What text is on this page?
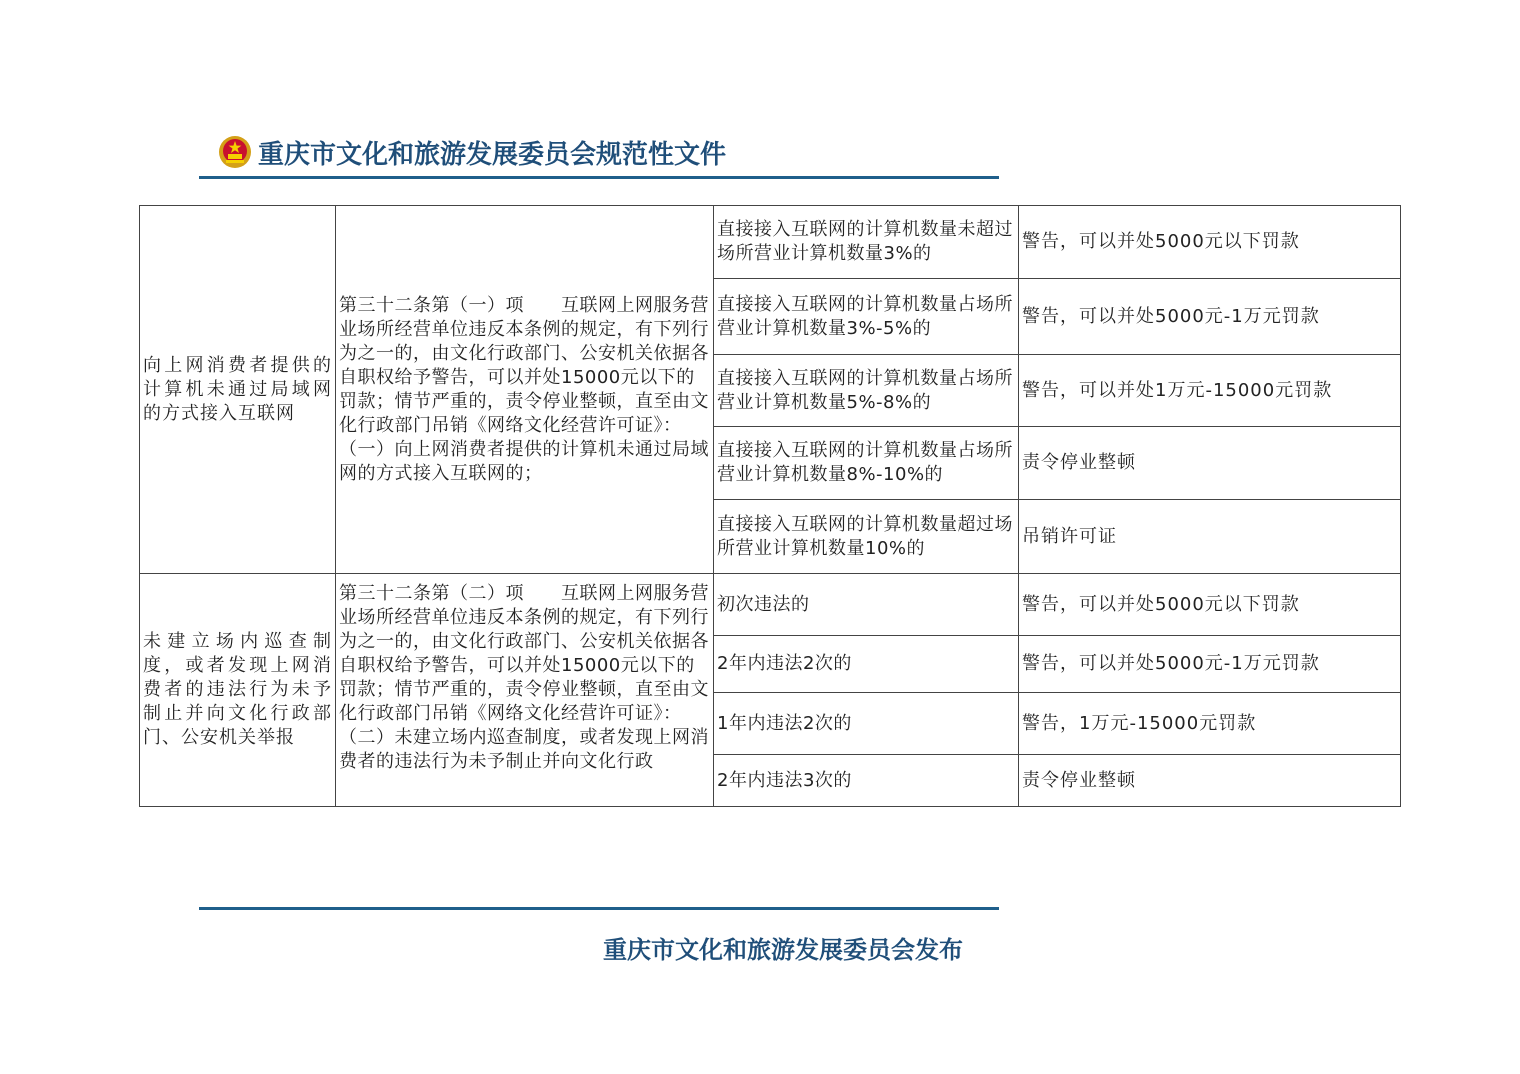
重庆市文化和旅游发展委员会规范性文件
向上网消费者提供的计算机未通过局域网的方式接入互联网	第三十二条第（一）项　　互联网上网服务营业场所经营单位违反本条例的规定，有下列行为之一的，由文化行政部门、公安机关依据各自职权给予警告，可以并处15000元以下的罚款；情节严重的，责令停业整顿，直至由文化行政部门吊销《网络文化经营许可证》：（一）向上网消费者提供的计算机未通过局域网的方式接入互联网的；	直接接入互联网的计算机数量未超过场所营业计算机数量3%的	警告，可以并处5000元以下罚款
		直接接入互联网的计算机数量占场所营业计算机数量3%-5%的	警告，可以并处5000元-1万元罚款
		直接接入互联网的计算机数量占场所营业计算机数量5%-8%的	警告，可以并处1万元-15000元罚款
		直接接入互联网的计算机数量占场所营业计算机数量8%-10%的	责令停业整顿
		直接接入互联网的计算机数量超过场所营业计算机数量10%的	吊销许可证
未建立场内巡查制度，或者发现上网消费者的违法行为未予制止并向文化行政部门、公安机关举报	第三十二条第（二）项　　互联网上网服务营业场所经营单位违反本条例的规定，有下列行为之一的，由文化行政部门、公安机关依据各自职权给予警告，可以并处15000元以下的罚款；情节严重的，责令停业整顿，直至由文化行政部门吊销《网络文化经营许可证》：（二）未建立场内巡查制度，或者发现上网消费者的违法行为未予制止并向文化行政	初次违法的	警告，可以并处5000元以下罚款
		2年内违法2次的	警告，可以并处5000元-1万元罚款
		1年内违法2次的	警告，1万元-15000元罚款
		2年内违法3次的	责令停业整顿
重庆市文化和旅游发展委员会发布
